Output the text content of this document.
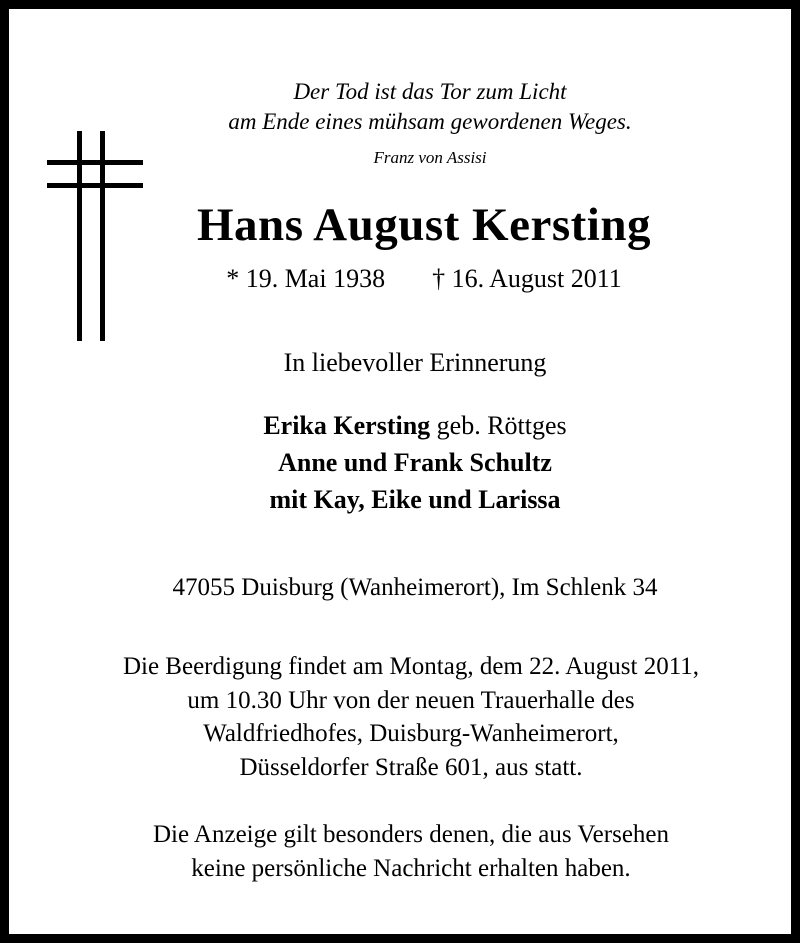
Der Tod ist das Tor zum Licht
am Ende eines mühsam gewordenen Weges.
Franz von Assisi
Hans August Kersting
* 19. Mai 1938 † 16. August 2011
In liebevoller Erinnerung
Erika Kersting geb. Röttges
Anne und Frank Schultz
mit Kay, Eike und Larissa
47055 Duisburg (Wanheimerort), Im Schlenk 34
Die Beerdigung findet am Montag, dem 22. August 2011,
um 10.30 Uhr von der neuen Trauerhalle des
Waldfriedhofes, Duisburg-Wanheimerort,
Düsseldorfer Straße 601, aus statt.
Die Anzeige gilt besonders denen, die aus Versehen
keine persönliche Nachricht erhalten haben.
